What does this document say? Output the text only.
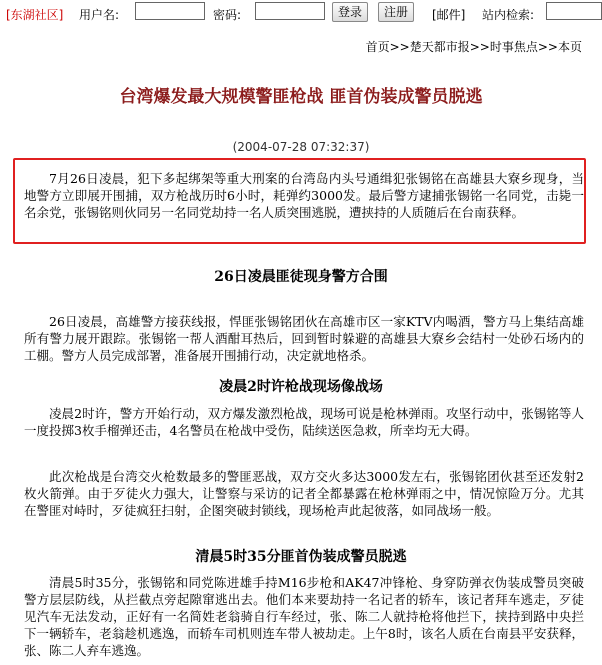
[东湖社区] 用户名:	密码:	登录	注册	[邮件] 站内检索:
首页>>楚天都市报>>时事焦点>>本页
台湾爆发最大规模警匪枪战 匪首伪装成警员脱逃
(2004-07-28 07:32:37)
7月26日凌晨，犯下多起绑架等重大刑案的台湾岛内头号通缉犯张锡铭在高雄县大寮乡现身，当地警方立即展开围捕，双方枪战历时6小时，耗弹约3000发。最后警方逮捕张锡铭一名同党，击毙一名余党，张锡铭则伙同另一名同党劫持一名人质突围逃脱，遭挟持的人质随后在台南获释。
26日凌晨匪徒现身警方合围
26日凌晨，高雄警方接获线报，悍匪张锡铭团伙在高雄市区一家KTV内喝酒，警方马上集结高雄所有警力展开跟踪。张锡铭一帮人酒酣耳热后，回到暂时躲避的高雄县大寮乡会结村一处砂石场内的工棚。警方人员完成部署，准备展开围捕行动，决定就地格杀。
凌晨2时许枪战现场像战场
凌晨2时许，警方开始行动，双方爆发激烈枪战，现场可说是枪林弹雨。攻坚行动中，张锡铭等人一度投掷3枚手榴弹还击，4名警员在枪战中受伤，陆续送医急救，所幸均无大碍。
此次枪战是台湾交火枪数最多的警匪恶战，双方交火多达3000发左右，张锡铭团伙甚至还发射2枚火箭弹。由于歹徒火力强大，让警察与采访的记者全都暴露在枪林弹雨之中，情况惊险万分。尤其在警匪对峙时，歹徒疯狂扫射，企图突破封锁线，现场枪声此起彼落，如同战场一般。
清晨5时35分匪首伪装成警员脱逃
清晨5时35分，张锡铭和同党陈进雄手持M16步枪和AK47冲锋枪、身穿防弹衣伪装成警员突破警方层层防线，从拦截点旁起隙窜逃出去。他们本来要劫持一名记者的轿车，该记者拜车逃走，歹徒见汽车无法发动，正好有一名简姓老翁骑自行车经过，张、陈二人就持枪将他拦下，挟持到路中央拦下一辆轿车，老翁趁机逃逸，而轿车司机则连车带人被劫走。上午8时，该名人质在台南县平安获释，张、陈二人弃车逃逸。
